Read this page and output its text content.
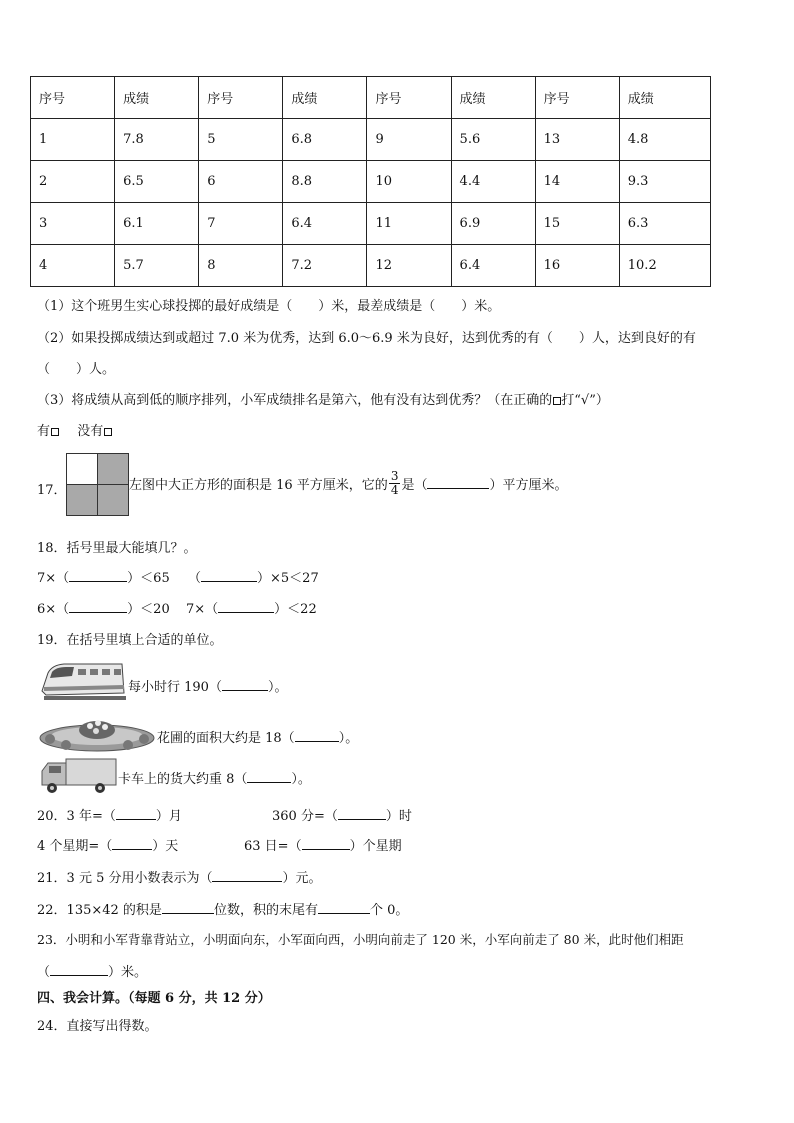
序号	成绩	序号	成绩	序号	成绩	序号	成绩
1	7.8	5	6.8	9	5.6	13	4.8
2	6.5	6	8.8	10	4.4	14	9.3
3	6.1	7	6.4	11	6.9	15	6.3
4	5.7	8	7.2	12	6.4	16	10.2
（1）这个班男生实心球投掷的最好成绩是（　　）米，最差成绩是（　　）米。
（2）如果投掷成绩达到或超过 7.0 米为优秀，达到 6.0～6.9 米为良好，达到优秀的有（　　）人，达到良好的有
（　　）人。
（3）将成绩从高到低的顺序排列，小军成绩排名是第六，他有没有达到优秀？（在正确的 打“√”）
有 没有
17．	左图中大正方形的面积是 16 平方厘米，它的 $\frac{3}{4}$ 是（	）平方厘米。
18．括号里最大能填几？。
7×（	）＜65 （	）×5＜27
6×（	）＜20 7×（	）＜22
19．在括号里填上合适的单位。
每小时行 190（	）。
花圃的面积大约是 18（	）。
卡车上的货大约重 8（	）。
20．3 年=（	）月	360 分=（	）时
4 个星期=（	）天	63 日=（	）个星期
21．3 元 5 分用小数表示为（	）元。
22．135×42 的积是	位数，积的末尾有	个 0。
23．小明和小军背靠背站立，小明面向东，小军面向西，小明向前走了 120 米，小军向前走了 80 米，此时他们相距
（	）米。
四、我会计算。（每题 6 分，共 12 分）
24．直接写出得数。
